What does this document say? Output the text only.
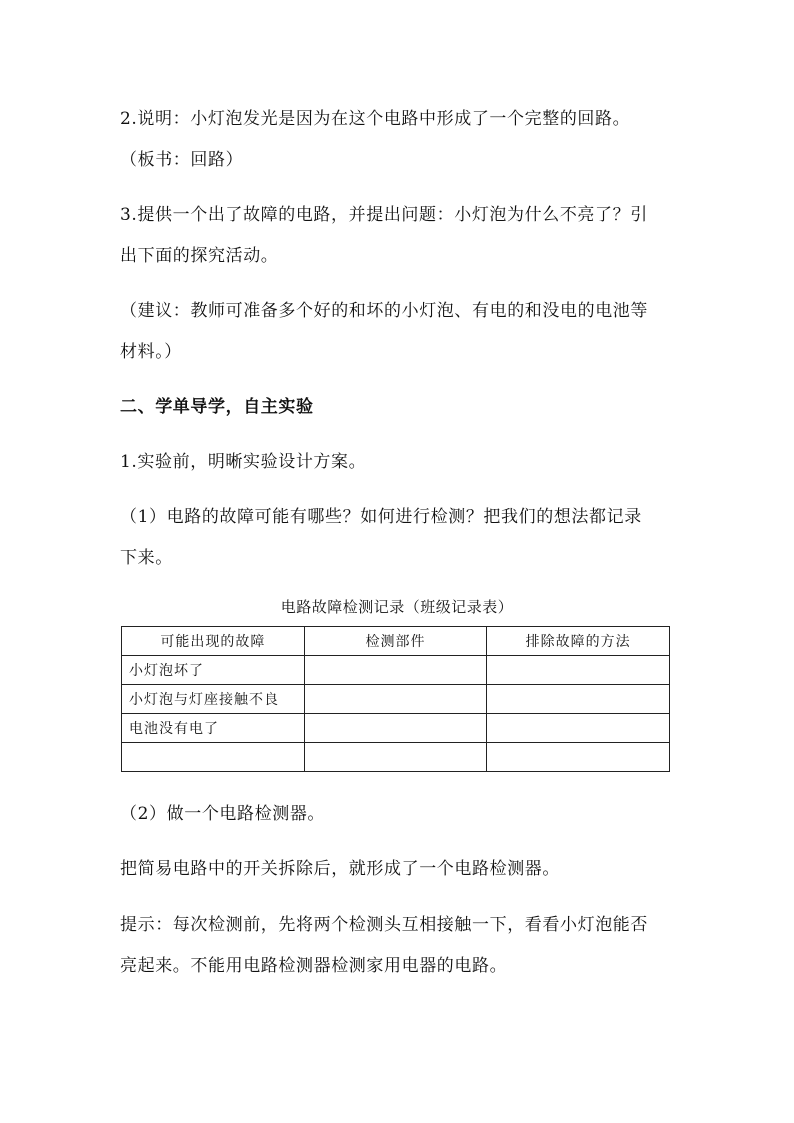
2.说明：小灯泡发光是因为在这个电路中形成了一个完整的回路。
（板书：回路）
3.提供一个出了故障的电路，并提出问题：小灯泡为什么不亮了？引
出下面的探究活动。
（建议：教师可准备多个好的和坏的小灯泡、有电的和没电的电池等
材料。）
二、学单导学，自主实验
1.实验前，明晰实验设计方案。
（1）电路的故障可能有哪些？如何进行检测？把我们的想法都记录
下来。
电路故障检测记录（班级记录表）
可能出现的故障	检测部件	排除故障的方法
小灯泡坏了		
小灯泡与灯座接触不良		
电池没有电了		

（2）做一个电路检测器。
把简易电路中的开关拆除后，就形成了一个电路检测器。
提示：每次检测前，先将两个检测头互相接触一下，看看小灯泡能否
亮起来。不能用电路检测器检测家用电器的电路。
